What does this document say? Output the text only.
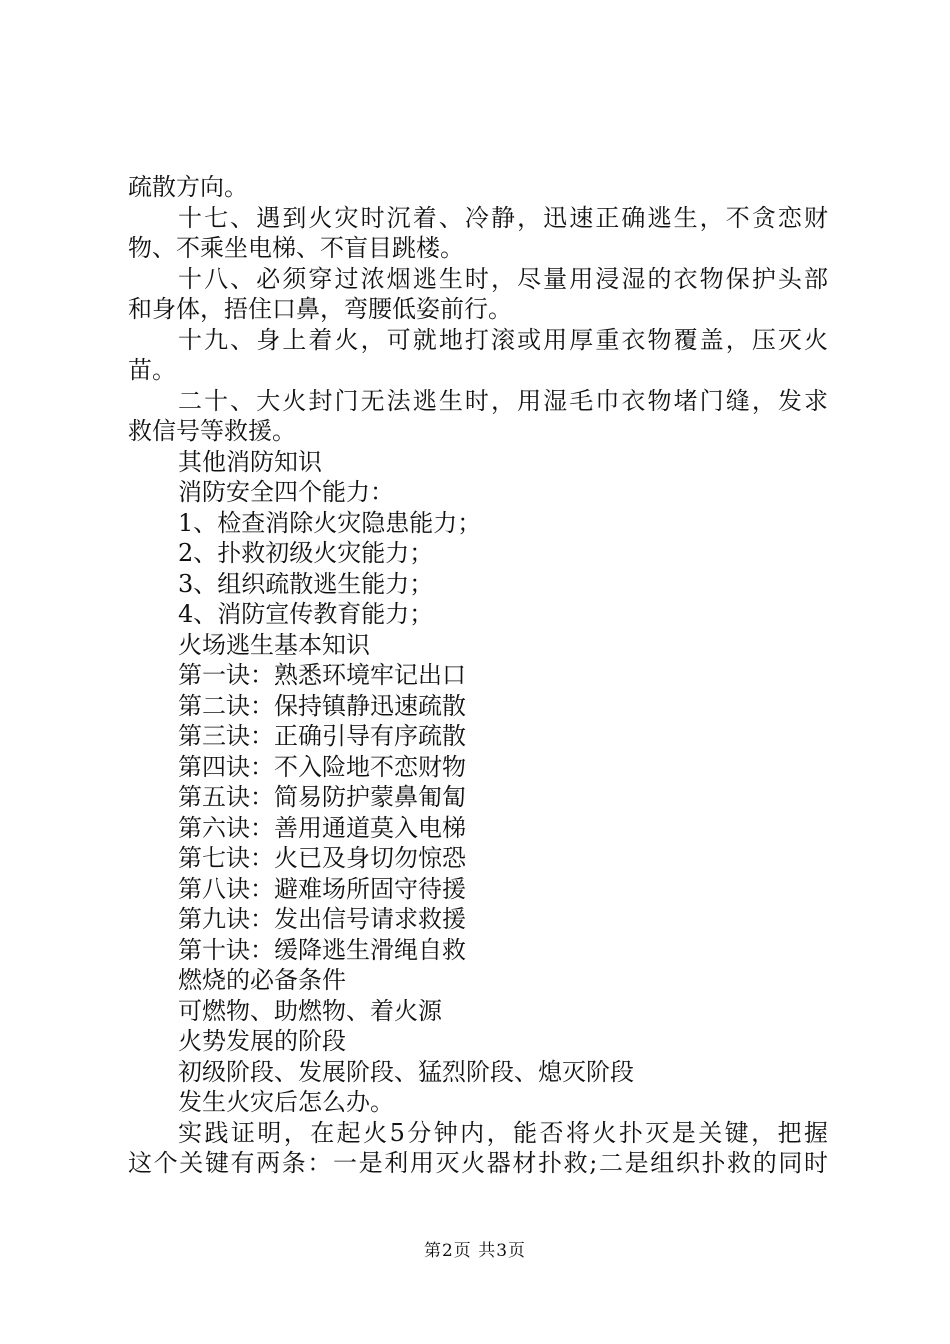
疏散方向。
十七、遇到火灾时沉着、冷静，迅速正确逃生，不贪恋财
物、不乘坐电梯、不盲目跳楼。
十八、必须穿过浓烟逃生时，尽量用浸湿的衣物保护头部
和身体，捂住口鼻，弯腰低姿前行。
十九、身上着火，可就地打滚或用厚重衣物覆盖，压灭火
苗。
二十、大火封门无法逃生时，用湿毛巾衣物堵门缝，发求
救信号等救援。
其他消防知识
消防安全四个能力：
1、检查消除火灾隐患能力；
2、扑救初级火灾能力；
3、组织疏散逃生能力；
4、消防宣传教育能力；
火场逃生基本知识
第一诀：熟悉环境牢记出口
第二诀：保持镇静迅速疏散
第三诀：正确引导有序疏散
第四诀：不入险地不恋财物
第五诀：简易防护蒙鼻匍匐
第六诀：善用通道莫入电梯
第七诀：火已及身切勿惊恐
第八诀：避难场所固守待援
第九诀：发出信号请求救援
第十诀：缓降逃生滑绳自救
燃烧的必备条件
可燃物、助燃物、着火源
火势发展的阶段
初级阶段、发展阶段、猛烈阶段、熄灭阶段
发生火灾后怎么办。
实践证明，在起火5分钟内，能否将火扑灭是关键，把握
这个关键有两条：一是利用灭火器材扑救;二是组织扑救的同时
第2页 共3页
